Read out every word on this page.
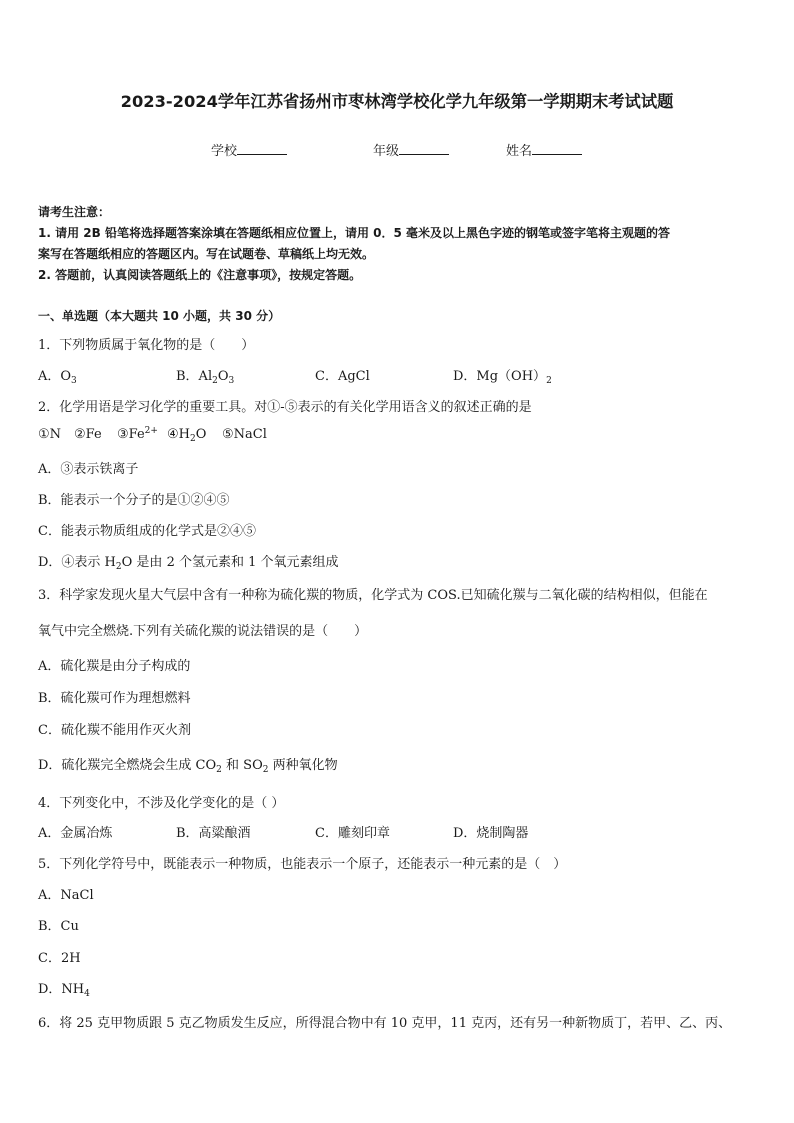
2023-2024学年江苏省扬州市枣林湾学校化学九年级第一学期期末考试试题
学校	年级	姓名
请考生注意：
1. 请用 2B 铅笔将选择题答案涂填在答题纸相应位置上，请用 0．5 毫米及以上黑色字迹的钢笔或签字笔将主观题的答
案写在答题纸相应的答题区内。写在试题卷、草稿纸上均无效。
2. 答题前，认真阅读答题纸上的《注意事项》，按规定答题。
一、单选题（本大题共 10 小题，共 30 分）
1．下列物质属于氧化物的是（　　）
A．$O_3$	B．$Al_2O_3$	C．AgCl	D．$Mg(OH)_2$
2．化学用语是学习化学的重要工具。对①-⑤表示的有关化学用语含义的叙述正确的是
①N ②Fe $③Fe^{2+}$ $④H_2O$ ⑤NaCl
A．③表示铁离子
B．能表示一个分子的是①②④⑤
C．能表示物质组成的化学式是②④⑤
D．④表示 $H_2O$ 是由 2 个氢元素和 1 个氧元素组成
3．科学家发现火星大气层中含有一种称为硫化羰的物质，化学式为 COS.已知硫化羰与二氧化碳的结构相似，但能在
氧气中完全燃烧.下列有关硫化羰的说法错误的是（　　）
A．硫化羰是由分子构成的
B．硫化羰可作为理想燃料
C．硫化羰不能用作灭火剂
D．硫化羰完全燃烧会生成 $CO_2$ 和 $SO_2$ 两种氧化物
4．下列变化中，不涉及化学变化的是（ ）
A．金属冶炼	B．高粱酿酒	C．雕刻印章	D．烧制陶器
5．下列化学符号中，既能表示一种物质，也能表示一个原子，还能表示一种元素的是（　）
A．NaCl
B．Cu
C．2H
D．$NH_4$
6．将 25 克甲物质跟 5 克乙物质发生反应，所得混合物中有 10 克甲，11 克丙，还有另一种新物质丁，若甲、乙、丙、
